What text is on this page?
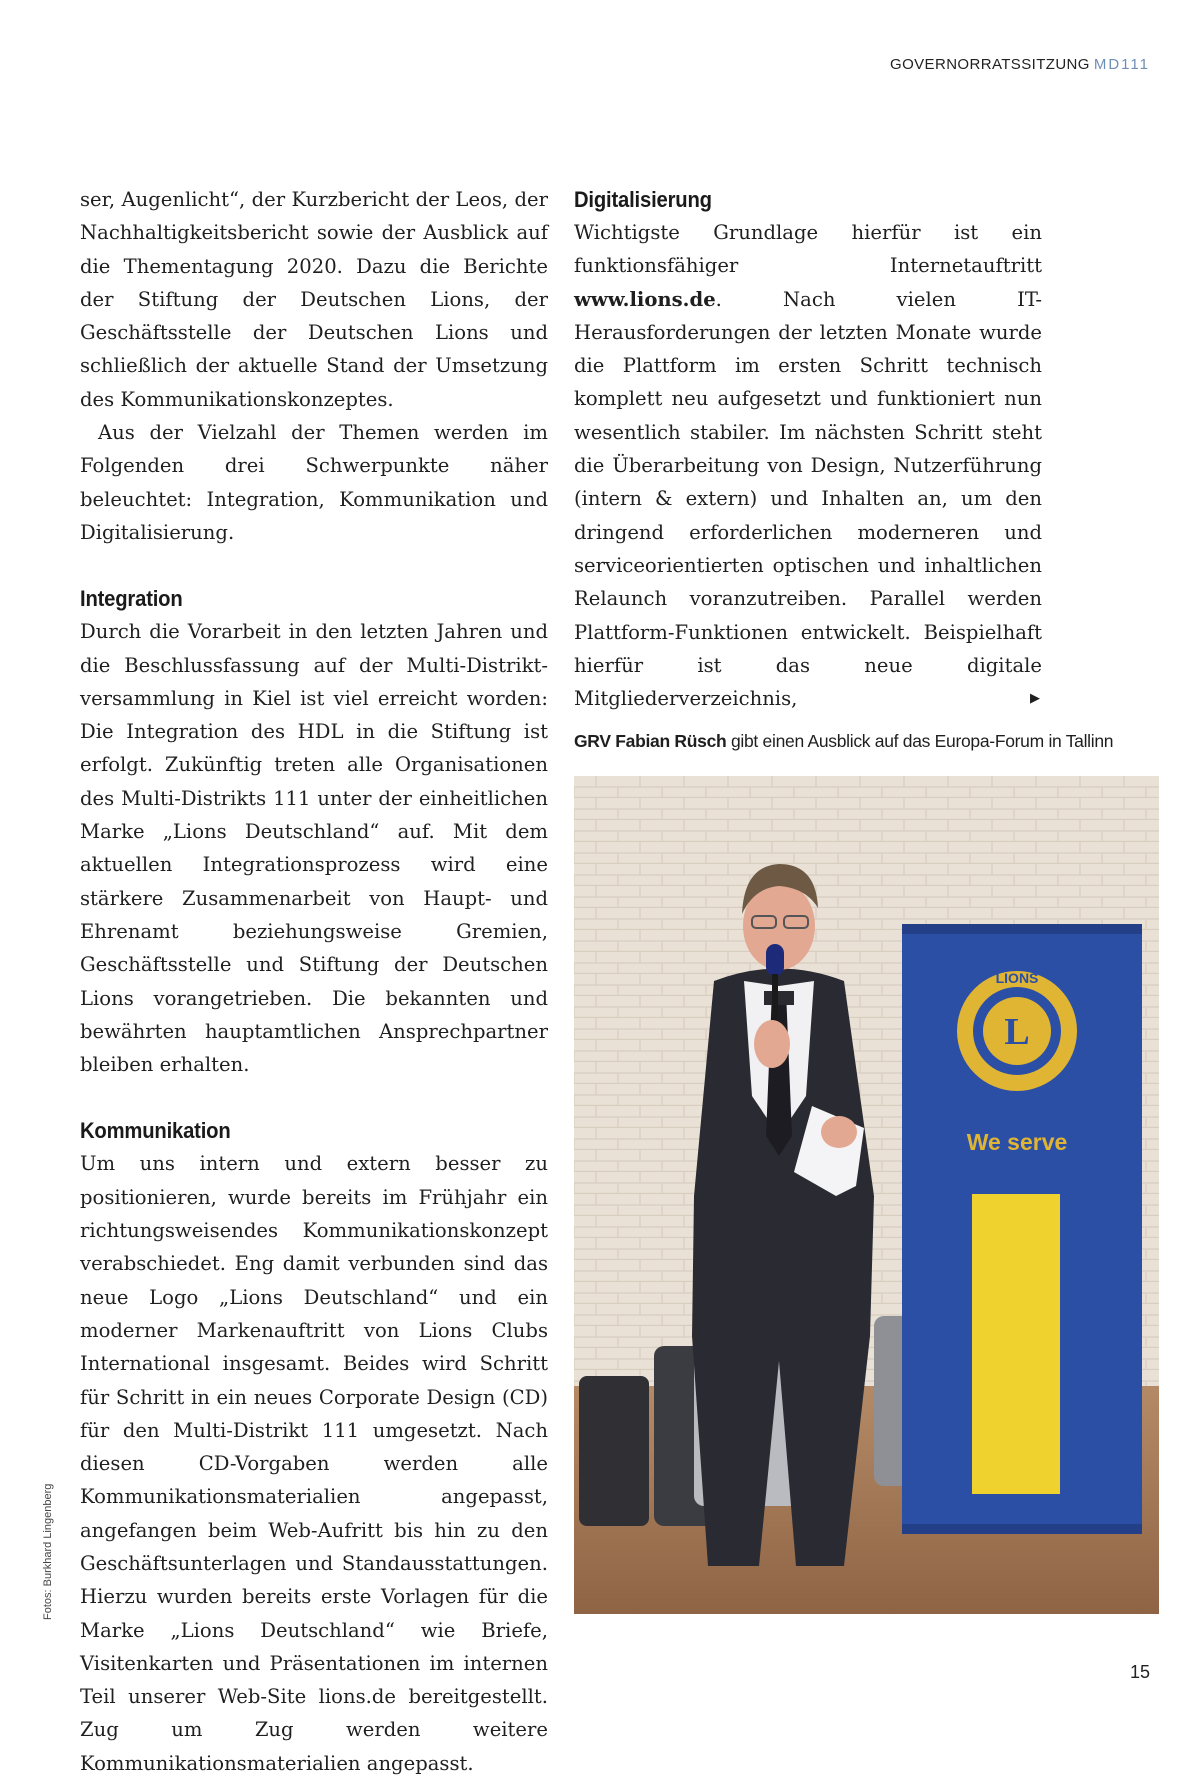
GOVERNORRATSSITZUNG MD111

ser, Augenlicht“, der Kurzbericht der Leos, der Nachhaltigkeitsbericht sowie der Ausblick auf die Thementagung 2020. Dazu die Berichte der Stiftung der Deutschen Lions, der Geschäftsstelle der Deutschen Lions und schließlich der aktuelle Stand der Umsetzung des Kommunikationskonzeptes.

Aus der Vielzahl der Themen werden im Folgenden drei Schwerpunkte näher beleuchtet: Integration, Kommunikation und Digitalisierung.

Integration

Durch die Vorarbeit in den letzten Jahren und die Beschlussfassung auf der Multi-Distrikt-versammlung in Kiel ist viel erreicht worden: Die Integration des HDL in die Stiftung ist erfolgt. Zukünftig treten alle Organisationen des Multi-Distrikts 111 unter der einheitlichen Marke „Lions Deutschland“ auf. Mit dem aktuellen Integrationsprozess wird eine stärkere Zusammenarbeit von Haupt- und Ehrenamt beziehungsweise Gremien, Geschäftsstelle und Stiftung der Deutschen Lions vorangetrieben. Die bekannten und bewährten hauptamtlichen Ansprechpartner bleiben erhalten.

Kommunikation

Um uns intern und extern besser zu positionieren, wurde bereits im Frühjahr ein richtungsweisendes Kommunikationskonzept verabschiedet. Eng damit verbunden sind das neue Logo „Lions Deutschland“ und ein moderner Markenauftritt von Lions Clubs International insgesamt. Beides wird Schritt für Schritt in ein neues Corporate Design (CD) für den Multi-Distrikt 111 umgesetzt. Nach diesen CD-Vorgaben werden alle Kommunikationsmaterialien angepasst, angefangen beim Web-Aufritt bis hin zu den Geschäftsunterlagen und Standausstattungen. Hierzu wurden bereits erste Vorlagen für die Marke „Lions Deutschland“ wie Briefe, Visitenkarten und Präsentationen im internen Teil unserer Web-Site lions.de bereitgestellt. Zug um Zug werden weitere Kommunikationsmaterialien angepasst.

Digitalisierung

Wichtigste Grundlage hierfür ist ein funktionsfähiger Internetauftritt www.lions.de. Nach vielen IT-Herausforderungen der letzten Monate wurde die Plattform im ersten Schritt technisch komplett neu aufgesetzt und funktioniert nun wesentlich stabiler. Im nächsten Schritt steht die Überarbeitung von Design, Nutzerführung (intern & extern) und Inhalten an, um den dringend erforderlichen moderneren und serviceorientierten optischen und inhaltlichen Relaunch voranzutreiben. Parallel werden Plattform-Funktionen entwickelt. Beispielhaft hierfür ist das neue digitale Mitgliederverzeichnis,	▶

GRV Fabian Rüsch gibt einen Ausblick auf das Europa-Forum in Tallinn
LIONS
L
We serve
Fotos: Burkhard Lingenberg
15
